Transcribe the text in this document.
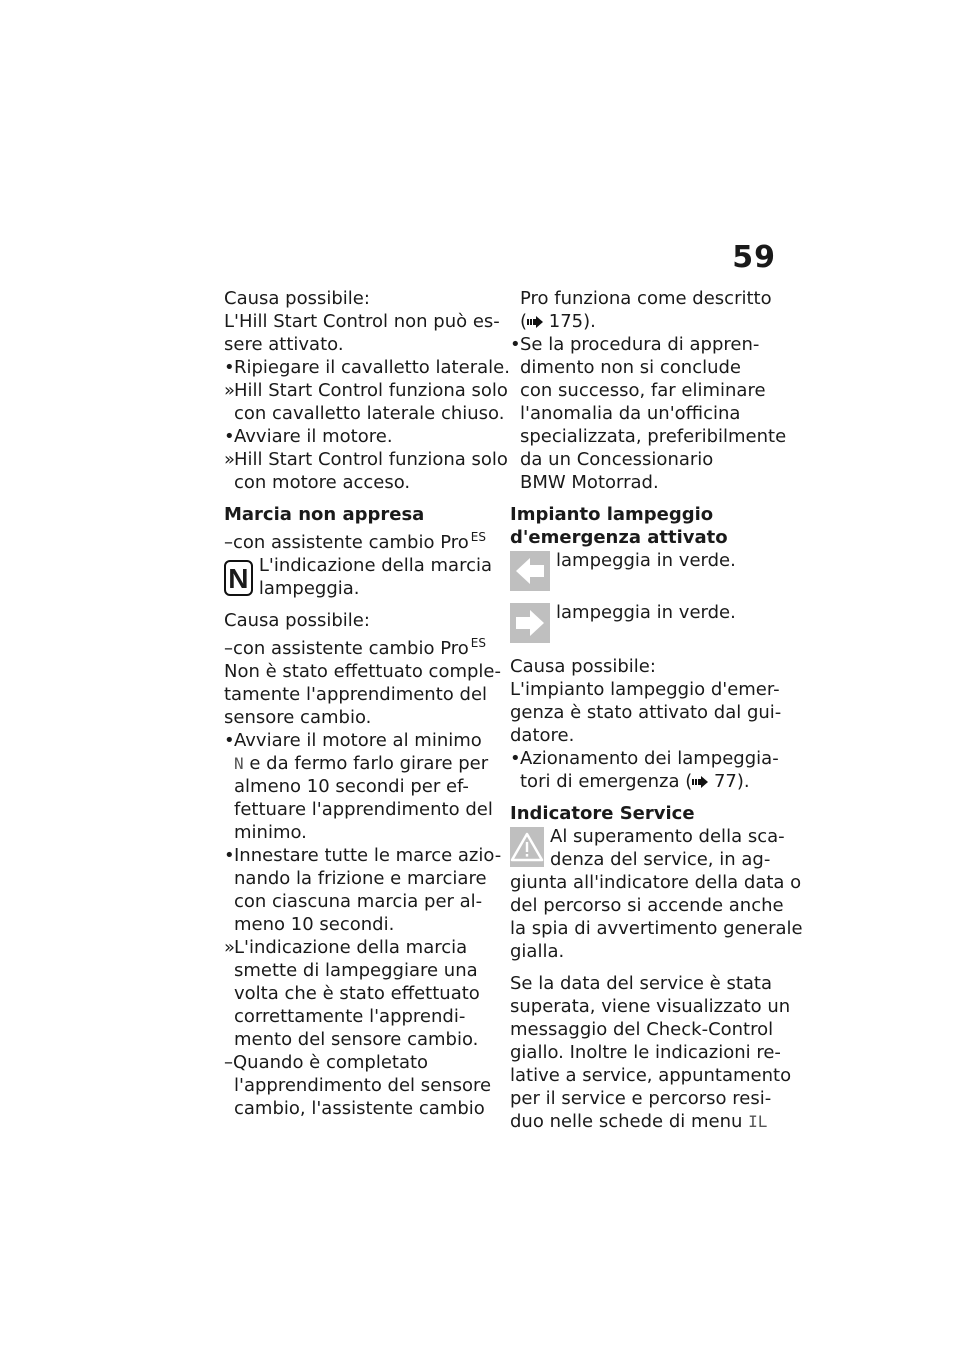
59
Causa possibile:
L'Hill Start Control non può es-
sere attivato.
•Ripiegare il cavalletto laterale.
»Hill Start Control funziona solo
con cavalletto laterale chiuso.
•Avviare il motore.
»Hill Start Control funziona solo
con motore acceso.
Marcia non appresa
–con assistente cambio Pro $^{ES}$
N L'indicazione della marcia
lampeggia.
Causa possibile:
–con assistente cambio Pro $^{ES}$
Non è stato effettuato comple-
tamente l'apprendimento del
sensore cambio.
•Avviare il motore al minimo
N e da fermo farlo girare per
almeno 10 secondi per ef-
fettuare l'apprendimento del
minimo.
•Innestare tutte le marce azio-
nando la frizione e marciare
con ciascuna marcia per al-
meno 10 secondi.
»L'indicazione della marcia
smette di lampeggiare una
volta che è stato effettuato
correttamente l'apprendi-
mento del sensore cambio.
–Quando è completato
l'apprendimento del sensore
cambio, l'assistente cambio
Pro funziona come descritto
( 175).
•Se la procedura di appren-
dimento non si conclude
con successo, far eliminare
l'anomalia da un'officina
specializzata, preferibilmente
da un Concessionario
BMW Motorrad.
Impianto lampeggio
d'emergenza attivato
lampeggia in verde.
lampeggia in verde.
Causa possibile:
L'impianto lampeggio d'emer-
genza è stato attivato dal gui-
datore.
•Azionamento dei lampeggia-
tori di emergenza ( 77).
Indicatore Service
Al superamento della sca-
denza del service, in ag-
giunta all'indicatore della data o
del percorso si accende anche
la spia di avvertimento generale
gialla.
Se la data del service è stata
superata, viene visualizzato un
messaggio del Check-Control
giallo. Inoltre le indicazioni re-
lative a service, appuntamento
per il service e percorso resi-
duo nelle schede di menu IL
